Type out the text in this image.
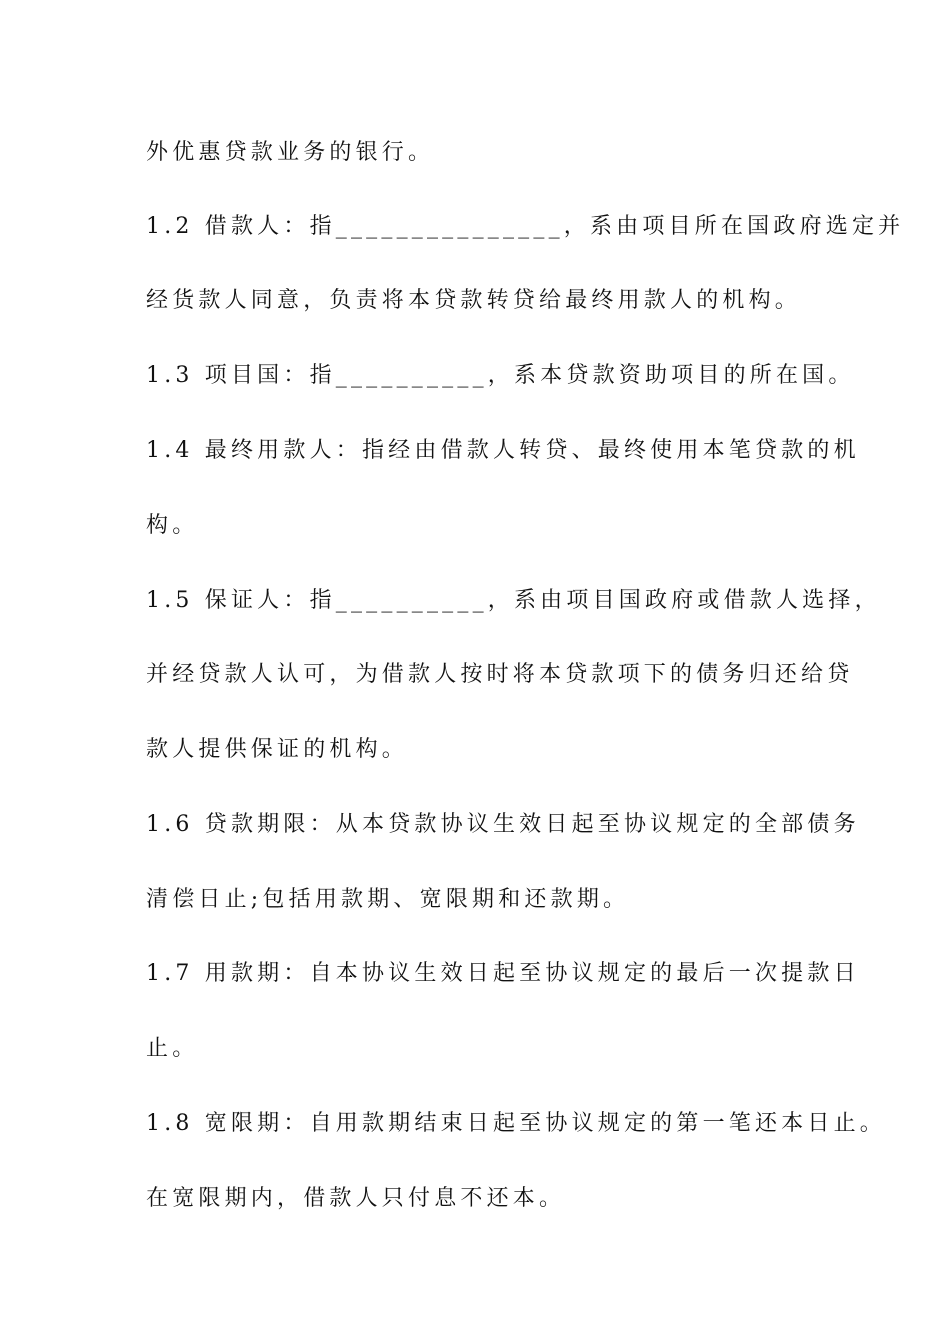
外优惠贷款业务的银行。
1.2 借款人：指_______________，系由项目所在国政府选定并
经货款人同意，负责将本贷款转贷给最终用款人的机构。
1.3 项目国：指__________，系本贷款资助项目的所在国。
1.4 最终用款人：指经由借款人转贷、最终使用本笔贷款的机
构。
1.5 保证人：指__________，系由项目国政府或借款人选择，
并经贷款人认可，为借款人按时将本贷款项下的债务归还给贷
款人提供保证的机构。
1.6 贷款期限：从本贷款协议生效日起至协议规定的全部债务
清偿日止;包括用款期、宽限期和还款期。
1.7 用款期：自本协议生效日起至协议规定的最后一次提款日
止。
1.8 宽限期：自用款期结束日起至协议规定的第一笔还本日止。
在宽限期内，借款人只付息不还本。
